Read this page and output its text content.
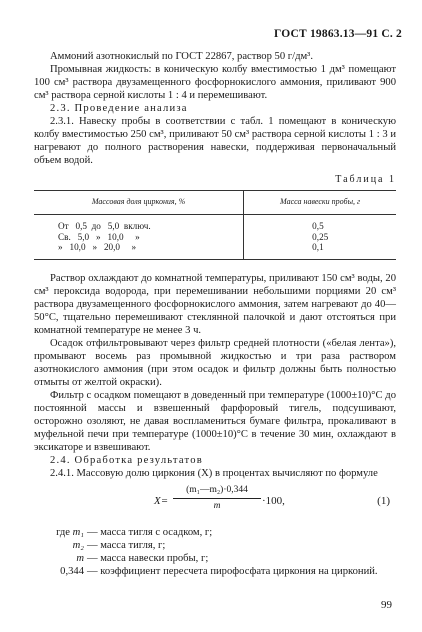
ГОСТ 19863.13—91 С. 2

Аммоний азотнокислый по ГОСТ 22867, раствор 50 г/дм³.

Промывная жидкость: в коническую колбу вместимостью 1 дм³ помещают 100 см³ раствора двузамещенного фосфорнокислого аммония, приливают 900 см³ раствора серной кислоты 1 : 4 и перемешивают.

2.3. Проведение анализа

2.3.1. Навеску пробы в соответствии с табл. 1 помещают в коническую колбу вместимостью 250 см³, приливают 50 см³ раствора серной кислоты 1 : 3 и нагревают до полного растворения навески, поддерживая первоначальный объем водой.

Таблица 1
Массовая доля циркония, %	Масса навески пробы, г
От   0,5  до   5,0  включ.	0,5
Св.   5,0   »   10,0     »	0,25
»   10,0   »   20,0     »	0,1

Раствор охлаждают до комнатной температуры, приливают 150 см³ воды, 20 см³ пероксида водорода, при перемешивании небольшими порциями 20 см³ раствора двузамещенного фосфорнокислого аммония, затем нагревают до 40—50°С, тщательно перемешивают стеклянной палочкой и дают отстояться при комнатной температуре не менее 3 ч.

Осадок отфильтровывают через фильтр средней плотности («белая лента»), промывают восемь раз промывной жидкостью и три раза раствором азотнокислого аммония (при этом осадок и фильтр должны быть полностью отмыты от желтой окраски).

Фильтр с осадком помещают в доведенный при температуре (1000±10)°С до постоянной массы и взвешенный фарфоровый тигель, подсушивают, осторожно озоляют, не давая воспламениться бумаге фильтра, прокаливают в муфельной печи при температуре (1000±10)°С в течение 30 мин, охлаждают в эксикаторе и взвешивают.

2.4. Обработка результатов

2.4.1. Массовую долю циркония (X) в процентах вычисляют по формуле

$X= \frac{\text{(m₁—m₂)·0,344}}{m} \cdot 100$,	(1)
где m₁ — масса тигля с осадком, г;
m₂ — масса тигля, г;
m — масса навески пробы, г;
0,344 — коэффициент пересчета пирофосфата циркония на цирконий.
99
